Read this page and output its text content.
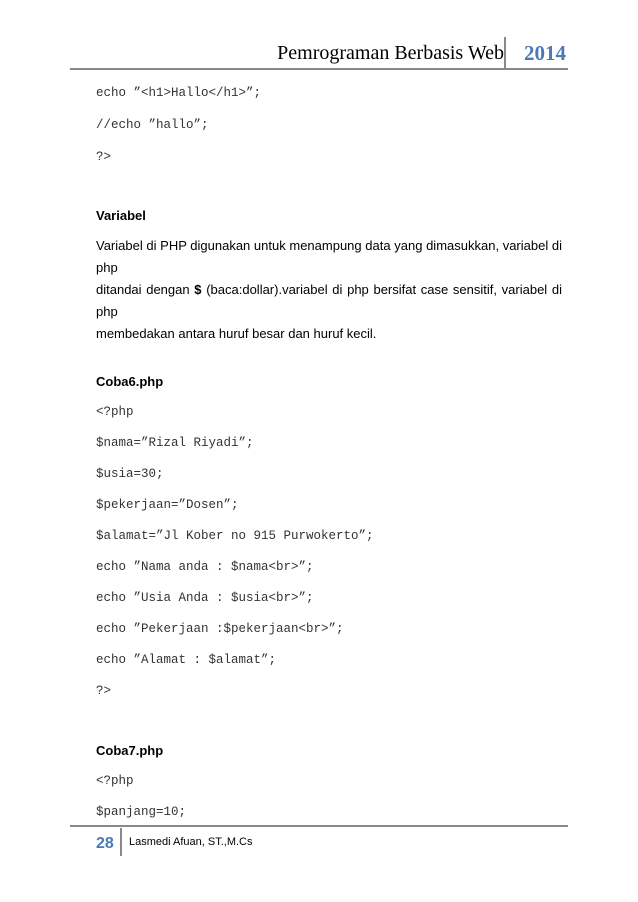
Pemrograman Berbasis Web 2014
echo ”<h1>Hallo</h1>”;
//echo ”hallo”;
?>
Variabel
Variabel di PHP digunakan untuk menampung data yang dimasukkan, variabel di php
ditandai dengan $ (baca:dollar).variabel di php bersifat case sensitif, variabel di php
membedakan antara huruf besar dan huruf kecil.
Coba6.php
<?php
$nama=”Rizal Riyadi”;
$usia=30;
$pekerjaan=”Dosen”;
$alamat=”Jl Kober no 915 Purwokerto”;
echo ”Nama anda : $nama<br>”;
echo ”Usia Anda : $usia<br>”;
echo ”Pekerjaan :$pekerjaan<br>”;
echo ”Alamat : $alamat”;
?>
Coba7.php
<?php
$panjang=10;
28 Lasmedi Afuan, ST.,M.Cs
